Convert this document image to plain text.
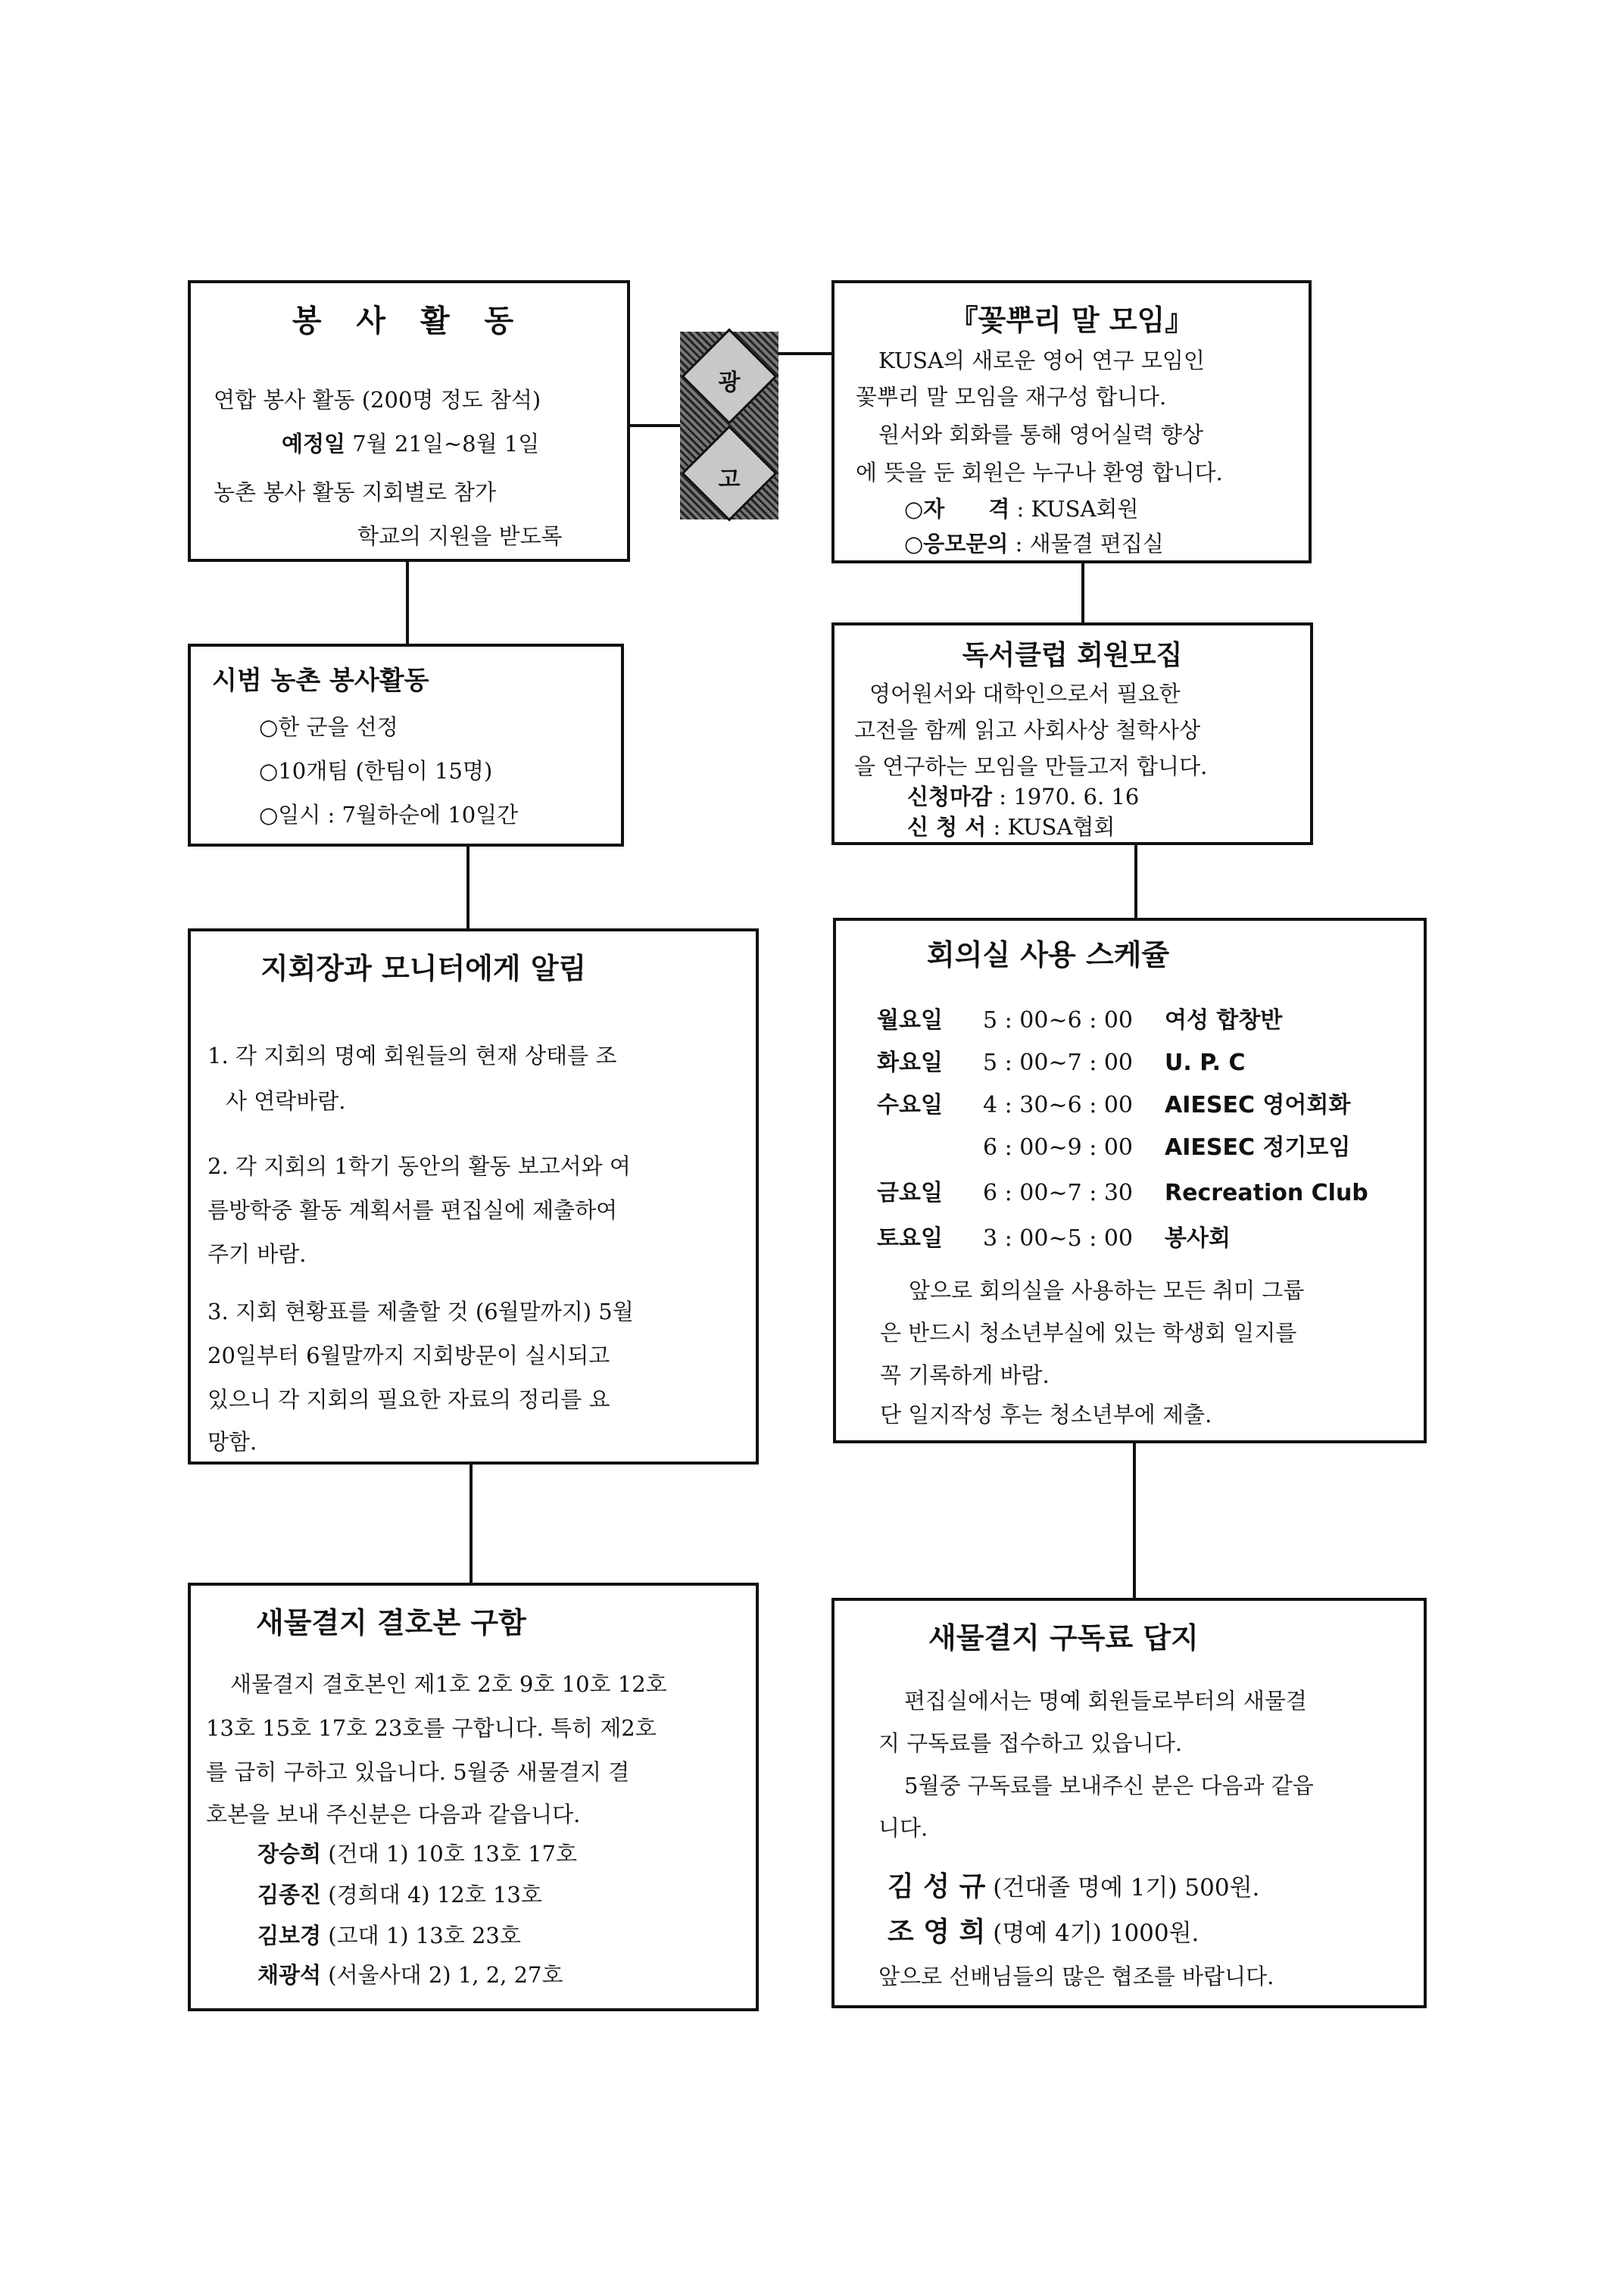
광
고
봉 사 활 동
연합 봉사 활동 (200명 정도 참석)
예정일 7월 21일~8월 1일
농촌 봉사 활동 지회별로 참가
학교의 지원을 받도록
『꽃뿌리 말 모임』
KUSA의 새로운 영어 연구 모임인
꽃뿌리 말 모임을 재구성 합니다.
원서와 회화를 통해 영어실력 향상
에 뜻을 둔 회원은 누구나 환영 합니다.
○자　　격 : KUSA회원
○응모문의 : 새물결 편집실
시범 농촌 봉사활동
○한 군을 선정
○10개팀 (한팀이 15명)
○일시 : 7월하순에 10일간
독서클럽 회원모집
영어원서와 대학인으로서 필요한
고전을 함께 읽고 사회사상 철학사상
을 연구하는 모임을 만들고저 합니다.
신청마감 : 1970. 6. 16
신 청 서 : KUSA협회
지회장과 모니터에게 알림
1. 각 지회의 명예 회원들의 현재 상태를 조
사 연락바람.
2. 각 지회의 1학기 동안의 활동 보고서와 여
름방학중 활동 계획서를 편집실에 제출하여
주기 바람.
3. 지회 현황표를 제출할 것 (6월말까지) 5월
20일부터 6월말까지 지회방문이 실시되고
있으니 각 지회의 필요한 자료의 정리를 요
망함.
회의실 사용 스케쥴
월요일 5 : 00~6 : 00 여성 합창반
화요일 5 : 00~7 : 00 U. P. C
수요일 4 : 30~6 : 00 AIESEC 영어회화
6 : 00~9 : 00 AIESEC 정기모임
금요일 6 : 00~7 : 30 Recreation Club
토요일 3 : 00~5 : 00 봉사회
앞으로 회의실을 사용하는 모든 취미 그룹
은 반드시 청소년부실에 있는 학생회 일지를
꼭 기록하게 바람.
단 일지작성 후는 청소년부에 제출.
새물결지 결호본 구함
새물결지 결호본인 제1호 2호 9호 10호 12호
13호 15호 17호 23호를 구합니다. 특히 제2호
를 급히 구하고 있읍니다. 5월중 새물결지 결
호본을 보내 주신분은 다음과 같읍니다.
장승희 (건대 1) 10호 13호 17호
김종진 (경희대 4) 12호 13호
김보경 (고대 1) 13호 23호
채광석 (서울사대 2) 1, 2, 27호
새물결지 구독료 답지
편집실에서는 명예 회원들로부터의 새물결
지 구독료를 접수하고 있읍니다.
5월중 구독료를 보내주신 분은 다음과 같읍
니다.
김 성 규 (건대졸 명예 1기) 500원.
조 영 희 (명예 4기) 1000원.
앞으로 선배님들의 많은 협조를 바랍니다.
